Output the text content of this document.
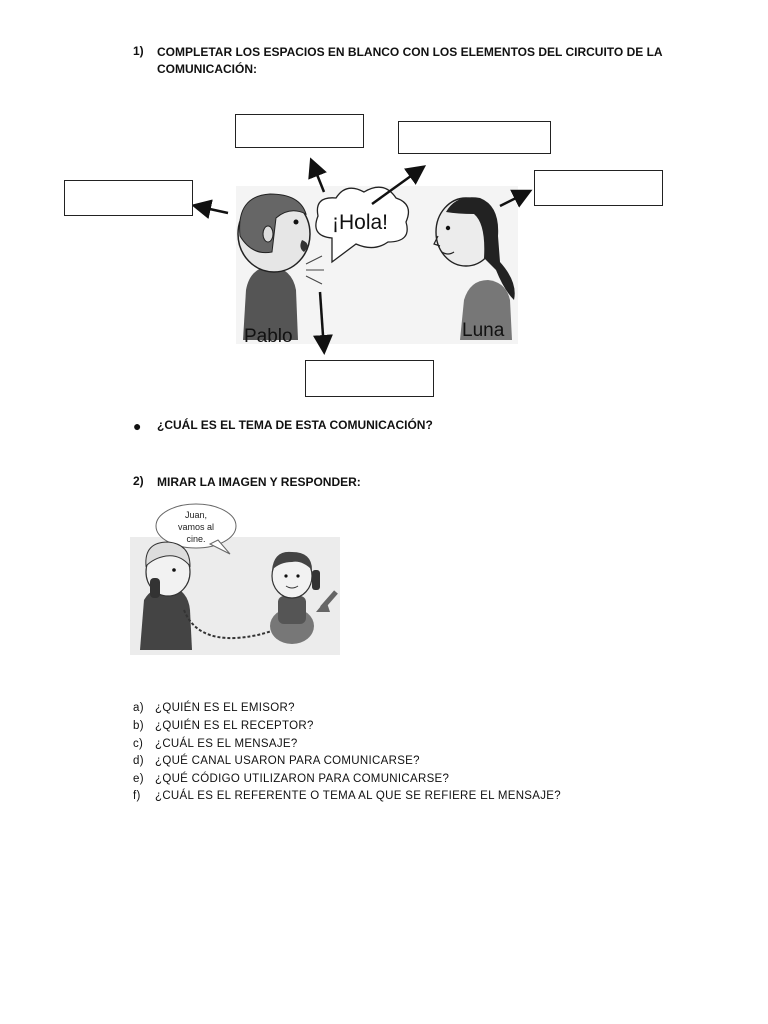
1) COMPLETAR LOS ESPACIOS EN BLANCO CON LOS ELEMENTOS DEL CIRCUITO DE LA
COMUNICACIÓN:
¡Hola!
Pablo	Luna
● ¿CUÁL ES EL TEMA DE ESTA COMUNICACIÓN?
2) MIRAR LA IMAGEN Y RESPONDER:
Juan,
vamos al
cine.
a) ¿QUIÉN ES EL EMISOR?
b) ¿QUIÉN ES EL RECEPTOR?
c) ¿CUÁL ES EL MENSAJE?
d) ¿QUÉ CANAL USARON PARA COMUNICARSE?
e) ¿QUÉ CÓDIGO UTILIZARON PARA COMUNICARSE?
f) ¿CUÁL ES EL REFERENTE O TEMA AL QUE SE REFIERE EL MENSAJE?
